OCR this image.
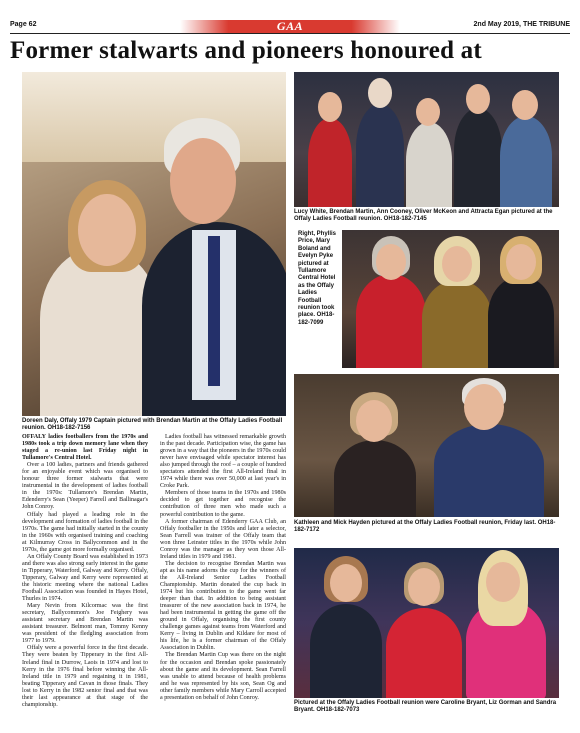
Page 62	GAA	2nd May 2019, THE TRIBUNE
Former stalwarts and pioneers honoured at
Doreen Daly, Offaly 1979 Captain pictured with Brendan Martin at the Offaly Ladies Football reunion. OH18-182-7156
Lucy White, Brendan Martin, Ann Cooney, Oliver McKeon and Attracta Egan pictured at the Offaly Ladies Football reunion. OH18-182-7145
Right, Phyllis Price, Mary Boland and Evelyn Pyke pictured at Tullamore Central Hotel as the Offaly Ladies Football reunion took place. OH18-182-7099
Kathleen and Mick Hayden pictured at the Offaly Ladies Football reunion, Friday last. OH18-182-7172
Pictured at the Offaly Ladies Football reunion were Caroline Bryant, Liz Gorman and Sandra Bryant. OH18-182-7073

OFFALY ladies footballers from the 1970s and 1980s took a trip down memory lane when they staged a re-union last Friday night in Tullamore's Central Hotel.

Over a 100 ladies, partners and friends gathered for an enjoyable event which was organised to honour three former stalwarts that were instrumental in the development of ladies football in the 1970s: Tullamore's Brendan Martin, Edenderry's Sean (Yeeper) Farrell and Ballinagar's John Conroy.

Offaly had played a leading role in the development and formation of ladies football in the 1970s. The game had initially started in the county in the 1960s with organised training and coaching at Kilmurray Cross in Ballycommon and in the 1970s, the game got more formally organised.

An Offaly County Board was established in 1973 and there was also strong early interest in the game in Tipperary, Waterford, Galway and Kerry. Offaly, Tipperary, Galway and Kerry were represented at the historic meeting where the national Ladies Football Association was founded in Hayes Hotel, Thurles in 1974.

Mary Nevin from Kilcormac was the first secretary, Ballycommon's Joe Feighery was assistant secretary and Brendan Martin was assistant treasurer. Belmont man, Tommy Kenny was president of the fledgling association from 1977 to 1979.

Offaly were a powerful force in the first decade. They were beaten by Tipperary in the first All-Ireland final in Durrow, Laois in 1974 and lost to Kerry in the 1976 final before winning the All-Ireland title in 1979 and regaining it in 1981, beating Tipperary and Cavan in those finals. They lost to Kerry in the 1982 senior final and that was their last appearance at that stage of the championship.

Ladies football has witnessed remarkable growth in the past decade. Participation wise, the game has grown in a way that the pioneers in the 1970s could never have envisaged while spectator interest has also jumped through the roof – a couple of hundred spectators attended the first All-Ireland final in 1974 while there was over 50,000 at last year's in Croke Park.

Members of those teams in the 1970s and 1980s decided to get together and recognise the contribution of three men who made such a powerful contribution to the game.

A former chairman of Edenderry GAA Club, an Offaly footballer in the 1950s and later a selector, Sean Farrell was trainer of the Offaly team that won three Leinster titles in the 1970s while John Conroy was the manager as they won those All-Ireland titles in 1979 and 1981.

The decision to recognise Brendan Martin was apt as his name adorns the cup for the winners of the All-Ireland Senior Ladies Football Championship. Martin donated the cup back in 1974 but his contribution to the game went far deeper than that. In addition to being assistant treasurer of the new association back in 1974, he had been instrumental in getting the game off the ground in Offaly, organising the first county challenge games against teams from Waterford and Kerry – living in Dublin and Kildare for most of his life, he is a former chairman of the Offaly Association in Dublin.

The Brendan Martin Cup was there on the night for the occasion and Brendan spoke passionately about the game and its development. Sean Farrell was unable to attend because of health problems and he was represented by his son, Sean Og and other family members while Mary Carroll accepted a presentation on behalf of John Conroy.
